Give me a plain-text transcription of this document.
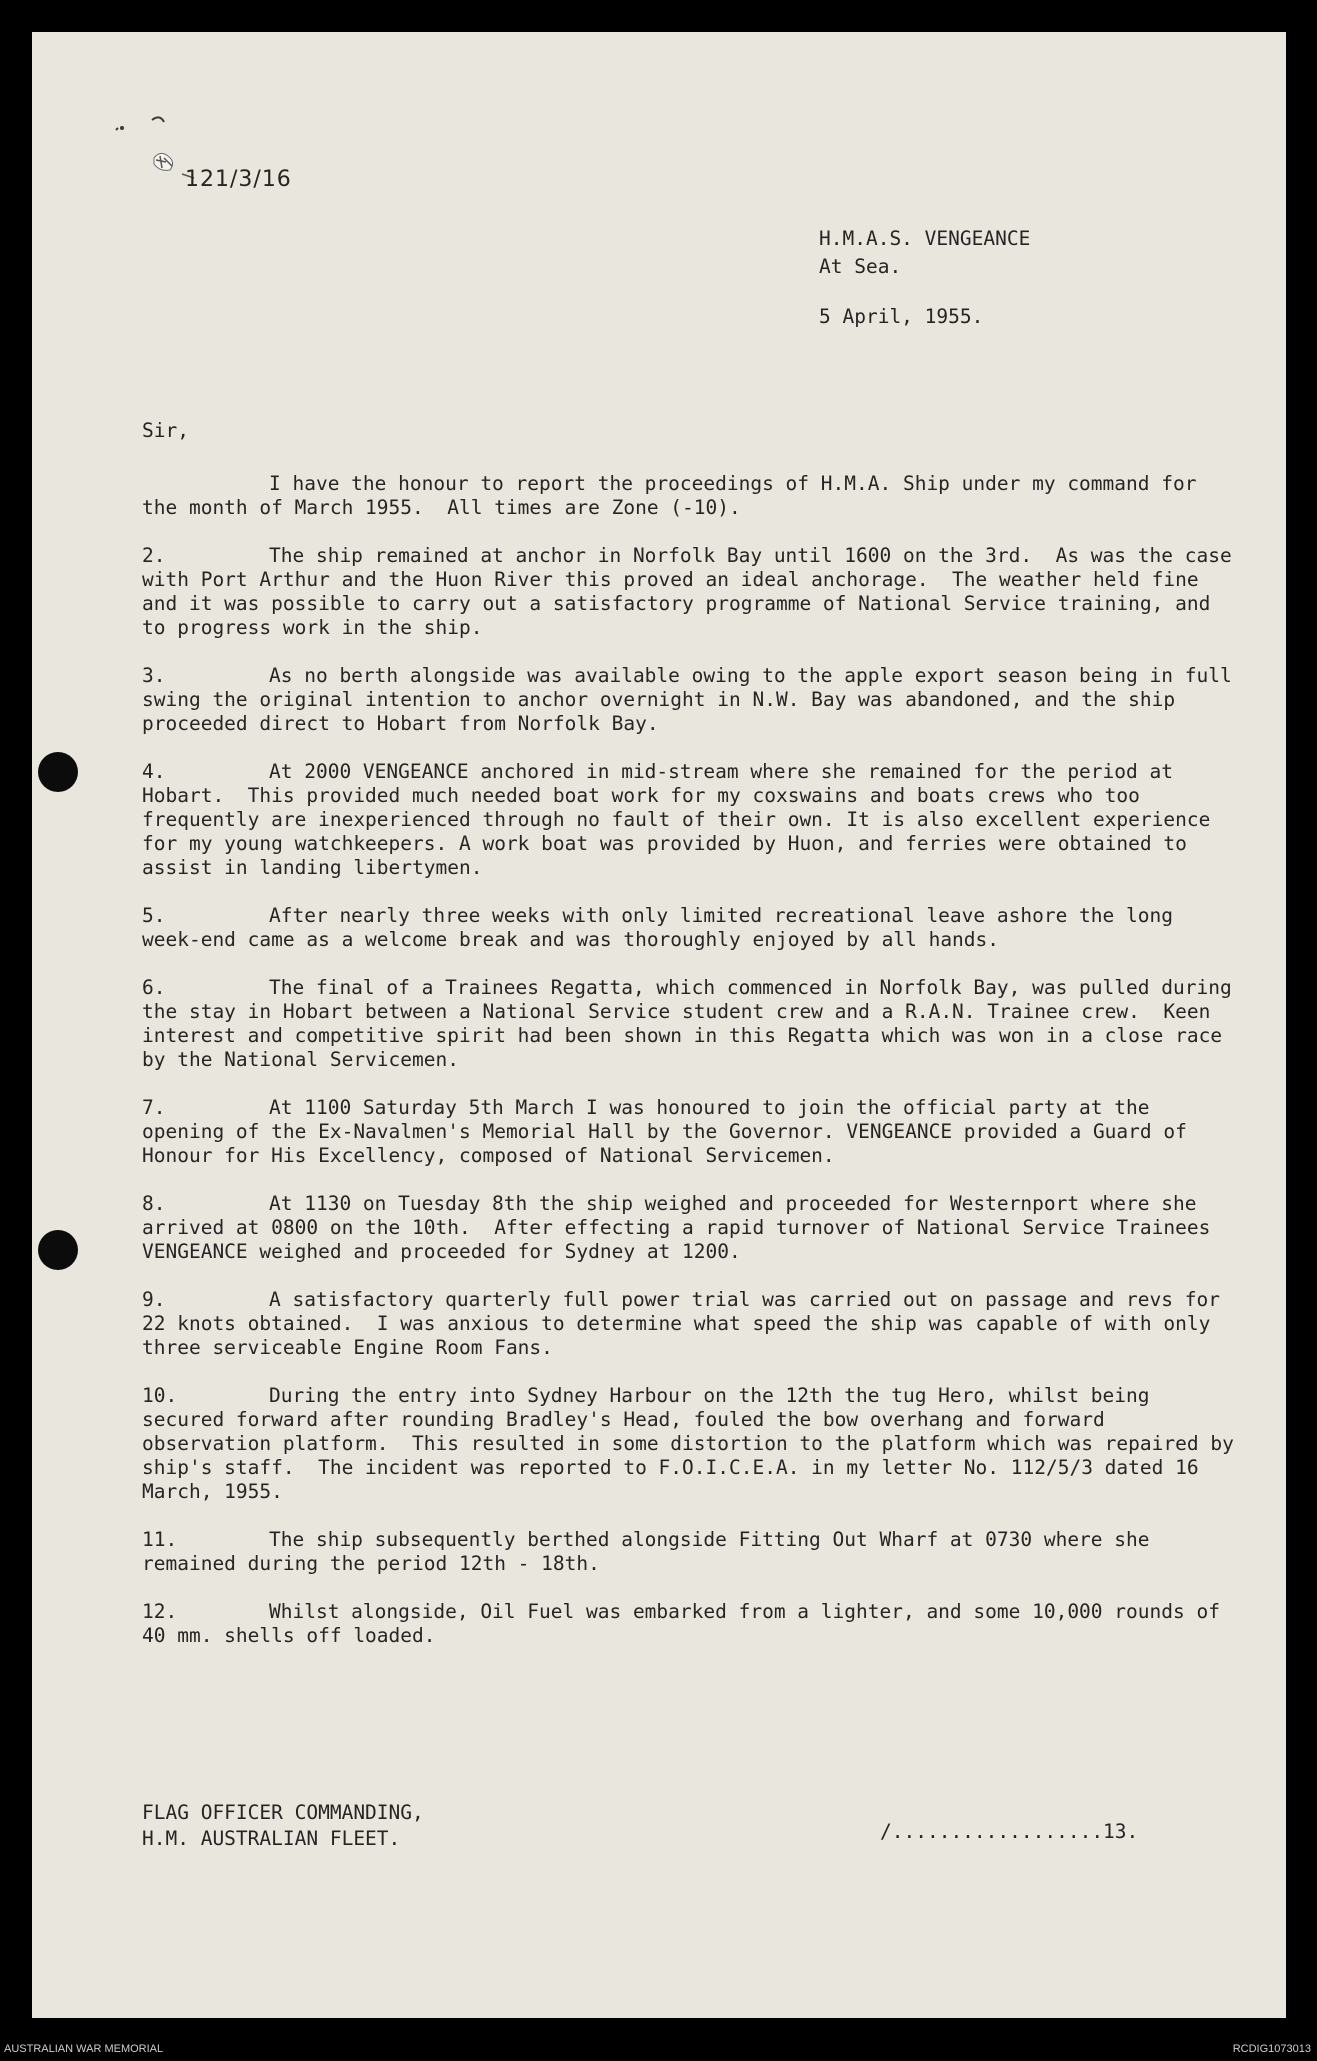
121/3/16
H.M.A.S. VENGEANCE
At Sea.
5 April, 1955.
Sir,

I have the honour to report the proceedings of H.M.A. Ship under my command for the month of March 1955.  All times are Zone (-10).

2.	The ship remained at anchor in Norfolk Bay until 1600 on the 3rd.  As was the case with Port Arthur and the Huon River this proved an ideal anchorage.  The weather held fine and it was possible to carry out a satisfactory programme of National Service training, and to progress work in the ship.

3.	As no berth alongside was available owing to the apple export season being in full swing the original intention to anchor overnight in N.W. Bay was abandoned, and the ship proceeded direct to Hobart from Norfolk Bay.

4.	At 2000 VENGEANCE anchored in mid-stream where she remained for the period at Hobart.  This provided much needed boat work for my coxswains and boats crews who too frequently are inexperienced through no fault of their own. It is also excellent experience for my young watchkeepers. A work boat was provided by Huon, and ferries were obtained to assist in landing libertymen.

5.	After nearly three weeks with only limited recreational leave ashore the long week-end came as a welcome break and was thoroughly enjoyed by all hands.

6.	The final of a Trainees Regatta, which commenced in Norfolk Bay, was pulled during the stay in Hobart between a National Service student crew and a R.A.N. Trainee crew.  Keen interest and competitive spirit had been shown in this Regatta which was won in a close race by the National Servicemen.

7.	At 1100 Saturday 5th March I was honoured to join the official party at the opening of the Ex-Navalmen's Memorial Hall by the Governor. VENGEANCE provided a Guard of Honour for His Excellency, composed of National Servicemen.

8.	At 1130 on Tuesday 8th the ship weighed and proceeded for Westernport where she arrived at 0800 on the 10th.  After effecting a rapid turnover of National Service Trainees VENGEANCE weighed and proceeded for Sydney at 1200.

9.	A satisfactory quarterly full power trial was carried out on passage and revs for 22 knots obtained.  I was anxious to determine what speed the ship was capable of with only three serviceable Engine Room Fans.

10.	During the entry into Sydney Harbour on the 12th the tug Hero, whilst being secured forward after rounding Bradley's Head, fouled the bow overhang and forward observation platform.  This resulted in some distortion to the platform which was repaired by ship's staff.  The incident was reported to F.O.I.C.E.A. in my letter No. 112/5/3 dated 16 March, 1955.

11.	The ship subsequently berthed alongside Fitting Out Wharf at 0730 where she remained during the period 12th - 18th.

12.	Whilst alongside, Oil Fuel was embarked from a lighter, and some 10,000 rounds of 40 mm. shells off loaded.

FLAG OFFICER COMMANDING,
H.M. AUSTRALIAN FLEET.	/..................13.
AUSTRALIAN WAR MEMORIAL	RCDIG1073013
